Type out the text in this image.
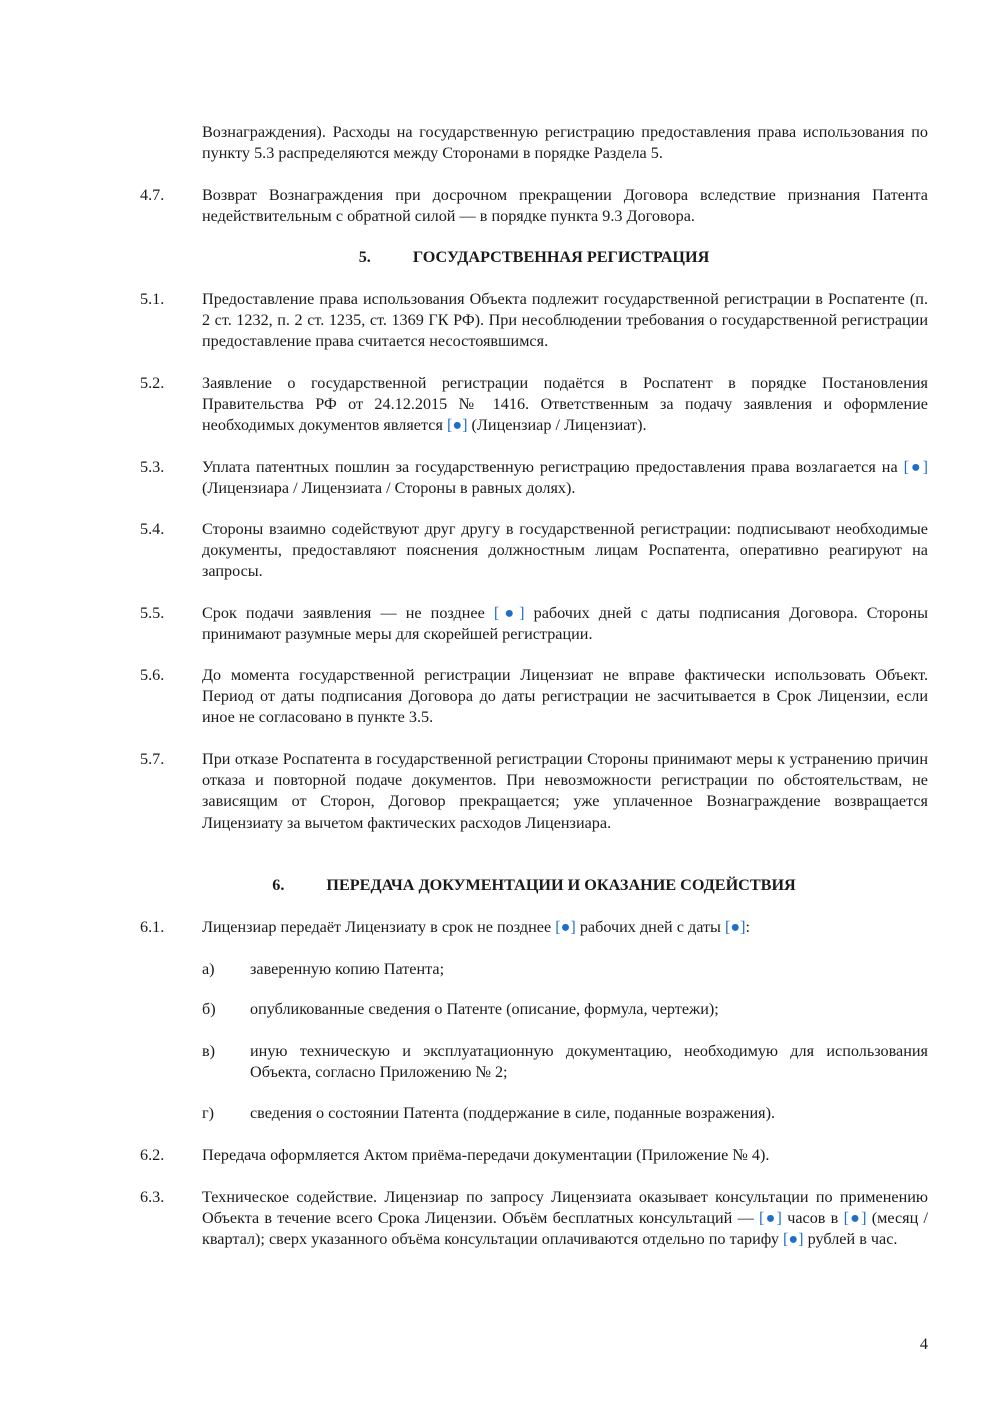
Вознаграждения). Расходы на государственную регистрацию предоставления права использования по пункту 5.3 распределяются между Сторонами в порядке Раздела 5.
4.7. Возврат Вознаграждения при досрочном прекращении Договора вследствие признания Патента недействительным с обратной силой — в порядке пункта 9.3 Договора.
5.	ГОСУДАРСТВЕННАЯ РЕГИСТРАЦИЯ
5.1. Предоставление права использования Объекта подлежит государственной регистрации в Роспатенте (п. 2 ст. 1232, п. 2 ст. 1235, ст. 1369 ГК РФ). При несоблюдении требования о государственной регистрации предоставление права считается несостоявшимся.
5.2. Заявление о государственной регистрации подаётся в Роспатент в порядке Постановления Правительства РФ от 24.12.2015 № 1416. Ответственным за подачу заявления и оформление необходимых документов является [●] (Лицензиар / Лицензиат).
5.3. Уплата патентных пошлин за государственную регистрацию предоставления права возлагается на [●] (Лицензиара / Лицензиата / Стороны в равных долях).
5.4. Стороны взаимно содействуют друг другу в государственной регистрации: подписывают необходимые документы, предоставляют пояснения должностным лицам Роспатента, оперативно реагируют на запросы.
5.5. Срок подачи заявления — не позднее [●] рабочих дней с даты подписания Договора. Стороны принимают разумные меры для скорейшей регистрации.
5.6. До момента государственной регистрации Лицензиат не вправе фактически использовать Объект. Период от даты подписания Договора до даты регистрации не засчитывается в Срок Лицензии, если иное не согласовано в пункте 3.5.
5.7. При отказе Роспатента в государственной регистрации Стороны принимают меры к устранению причин отказа и повторной подаче документов. При невозможности регистрации по обстоятельствам, не зависящим от Сторон, Договор прекращается; уже уплаченное Вознаграждение возвращается Лицензиату за вычетом фактических расходов Лицензиара.
6.	ПЕРЕДАЧА ДОКУМЕНТАЦИИ И ОКАЗАНИЕ СОДЕЙСТВИЯ
6.1. Лицензиар передаёт Лицензиату в срок не позднее [●] рабочих дней с даты [●]:
а) заверенную копию Патента;
б) опубликованные сведения о Патенте (описание, формула, чертежи);
в) иную техническую и эксплуатационную документацию, необходимую для использования Объекта, согласно Приложению № 2;
г) сведения о состоянии Патента (поддержание в силе, поданные возражения).
6.2. Передача оформляется Актом приёма-передачи документации (Приложение № 4).
6.3. Техническое содействие. Лицензиар по запросу Лицензиата оказывает консультации по применению Объекта в течение всего Срока Лицензии. Объём бесплатных консультаций — [●] часов в [●] (месяц / квартал); сверх указанного объёма консультации оплачиваются отдельно по тарифу [●] рублей в час.
4
